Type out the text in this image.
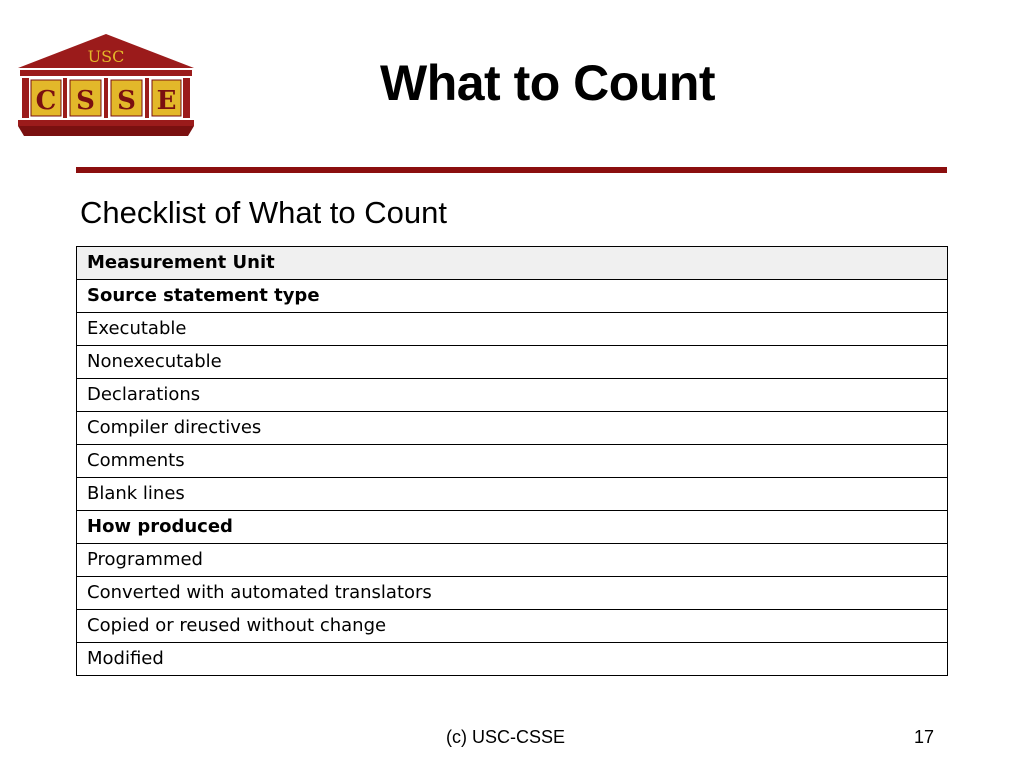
USC
C S S E	What to Count
Checklist of What to Count
Measurement Unit
Source statement type
Executable
Nonexecutable
Declarations
Compiler directives
Comments
Blank lines
How produced
Programmed
Converted with automated translators
Copied or reused without change
Modified
(c) USC-CSSE	17
